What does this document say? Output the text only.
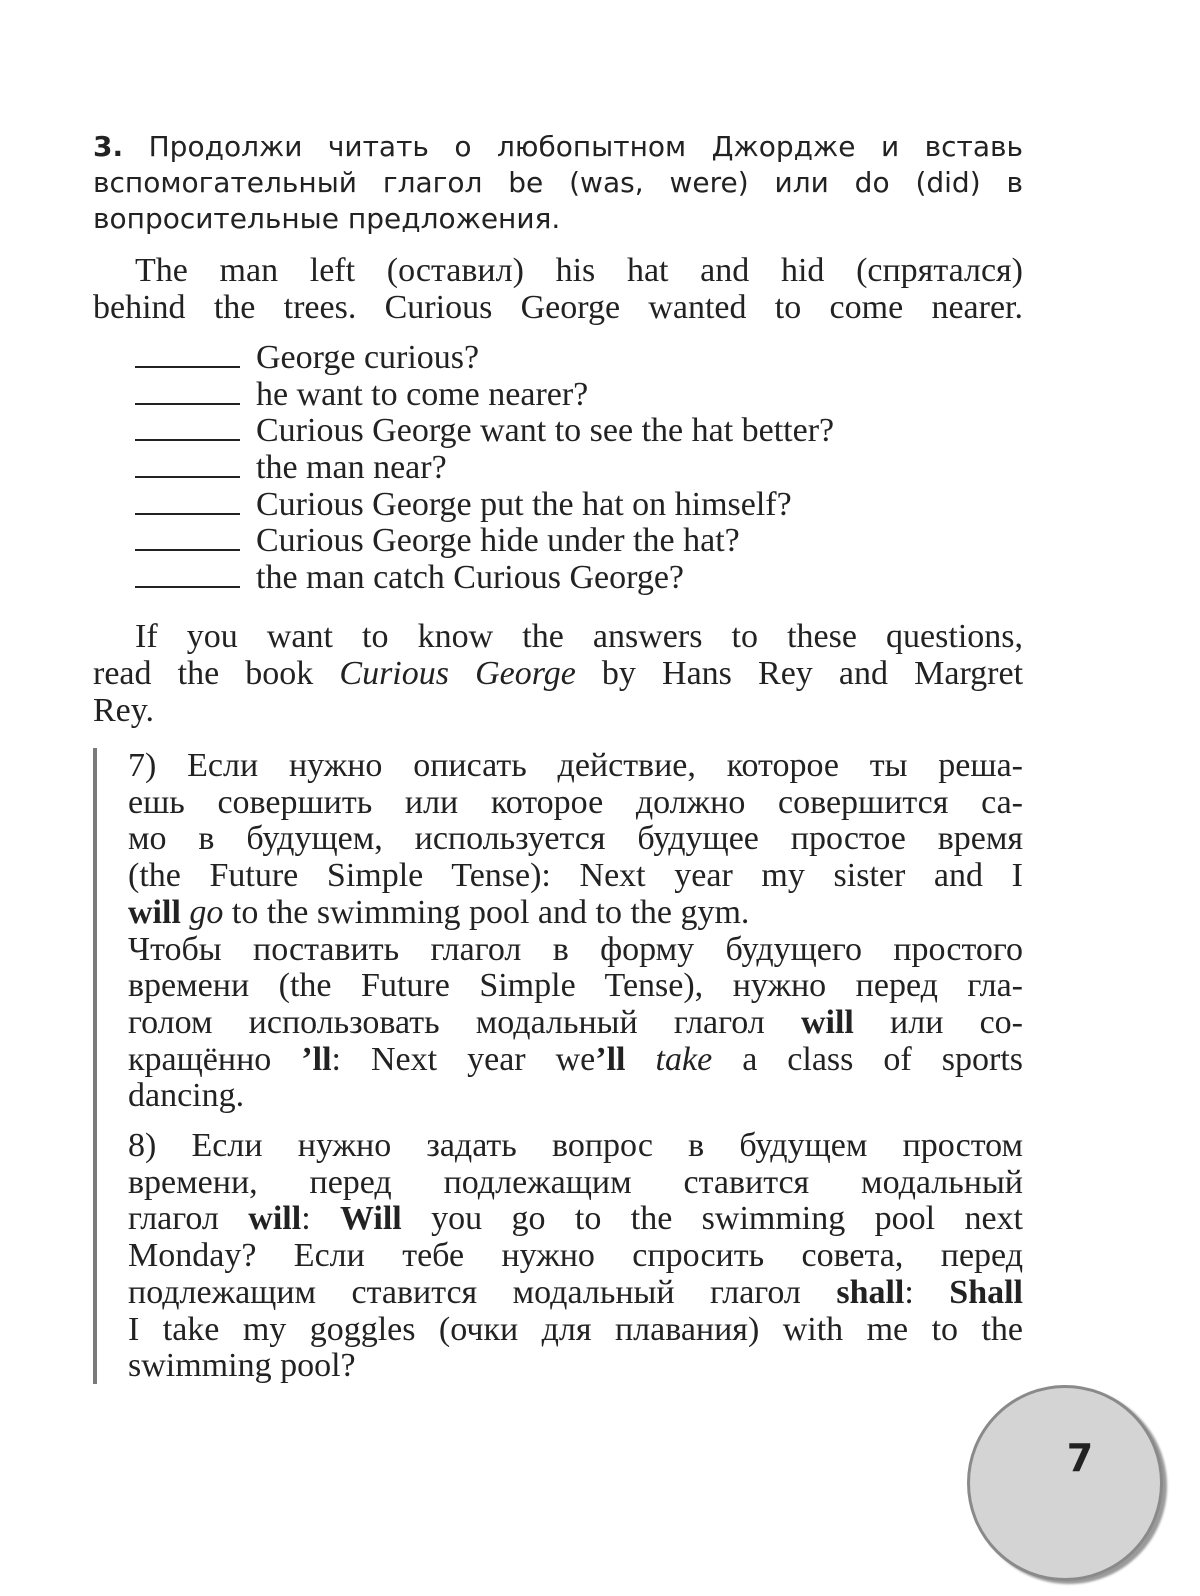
3. Продолжи читать о любопытном Джордже и вставь
вспомогательный глагол be (was, were) или do (did) в
вопросительные предложения.
The man left (оставил) his hat and hid (спрятался)
behind the trees. Curious George wanted to come nearer.
George curious?
he want to come nearer?
Curious George want to see the hat better?
the man near?
Curious George put the hat on himself?
Curious George hide under the hat?
the man catch Curious George?
If you want to know the answers to these questions,
read the book Curious George by Hans Rey and Margret
Rey.
7) Если нужно описать действие, которое ты реша-
ешь совершить или которое должно совершится са-
мо в будущем, используется будущее простое время
(the Future Simple Tense): Next year my sister and I
will go to the swimming pool and to the gym.
Чтобы поставить глагол в форму будущего простого
времени (the Future Simple Tense), нужно перед гла-
голом использовать модальный глагол will или со-
кращённо ’ll: Next year we’ll take a class of sports
dancing.
8) Если нужно задать вопрос в будущем простом
времени, перед подлежащим ставится модальный
глагол will: Will you go to the swimming pool next
Monday? Если тебе нужно спросить совета, перед
подлежащим ставится модальный глагол shall: Shall
I take my goggles (очки для плавания) with me to the
swimming pool?
7
